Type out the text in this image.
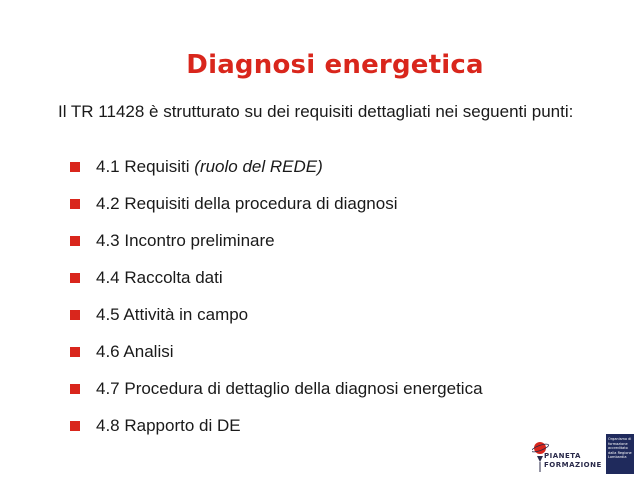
Diagnosi energetica
Il TR 11428 è strutturato su dei requisiti dettagliati nei seguenti punti:
4.1 Requisiti (ruolo del REDE)
4.2 Requisiti della procedura di diagnosi
4.3 Incontro preliminare
4.4 Raccolta dati
4.5 Attività in campo
4.6 Analisi
4.7 Procedura di dettaglio della diagnosi energetica
4.8 Rapporto di DE
PIANETA
FORMAZIONE
Organismo di formazione accreditato dalla Regione Lombardia
